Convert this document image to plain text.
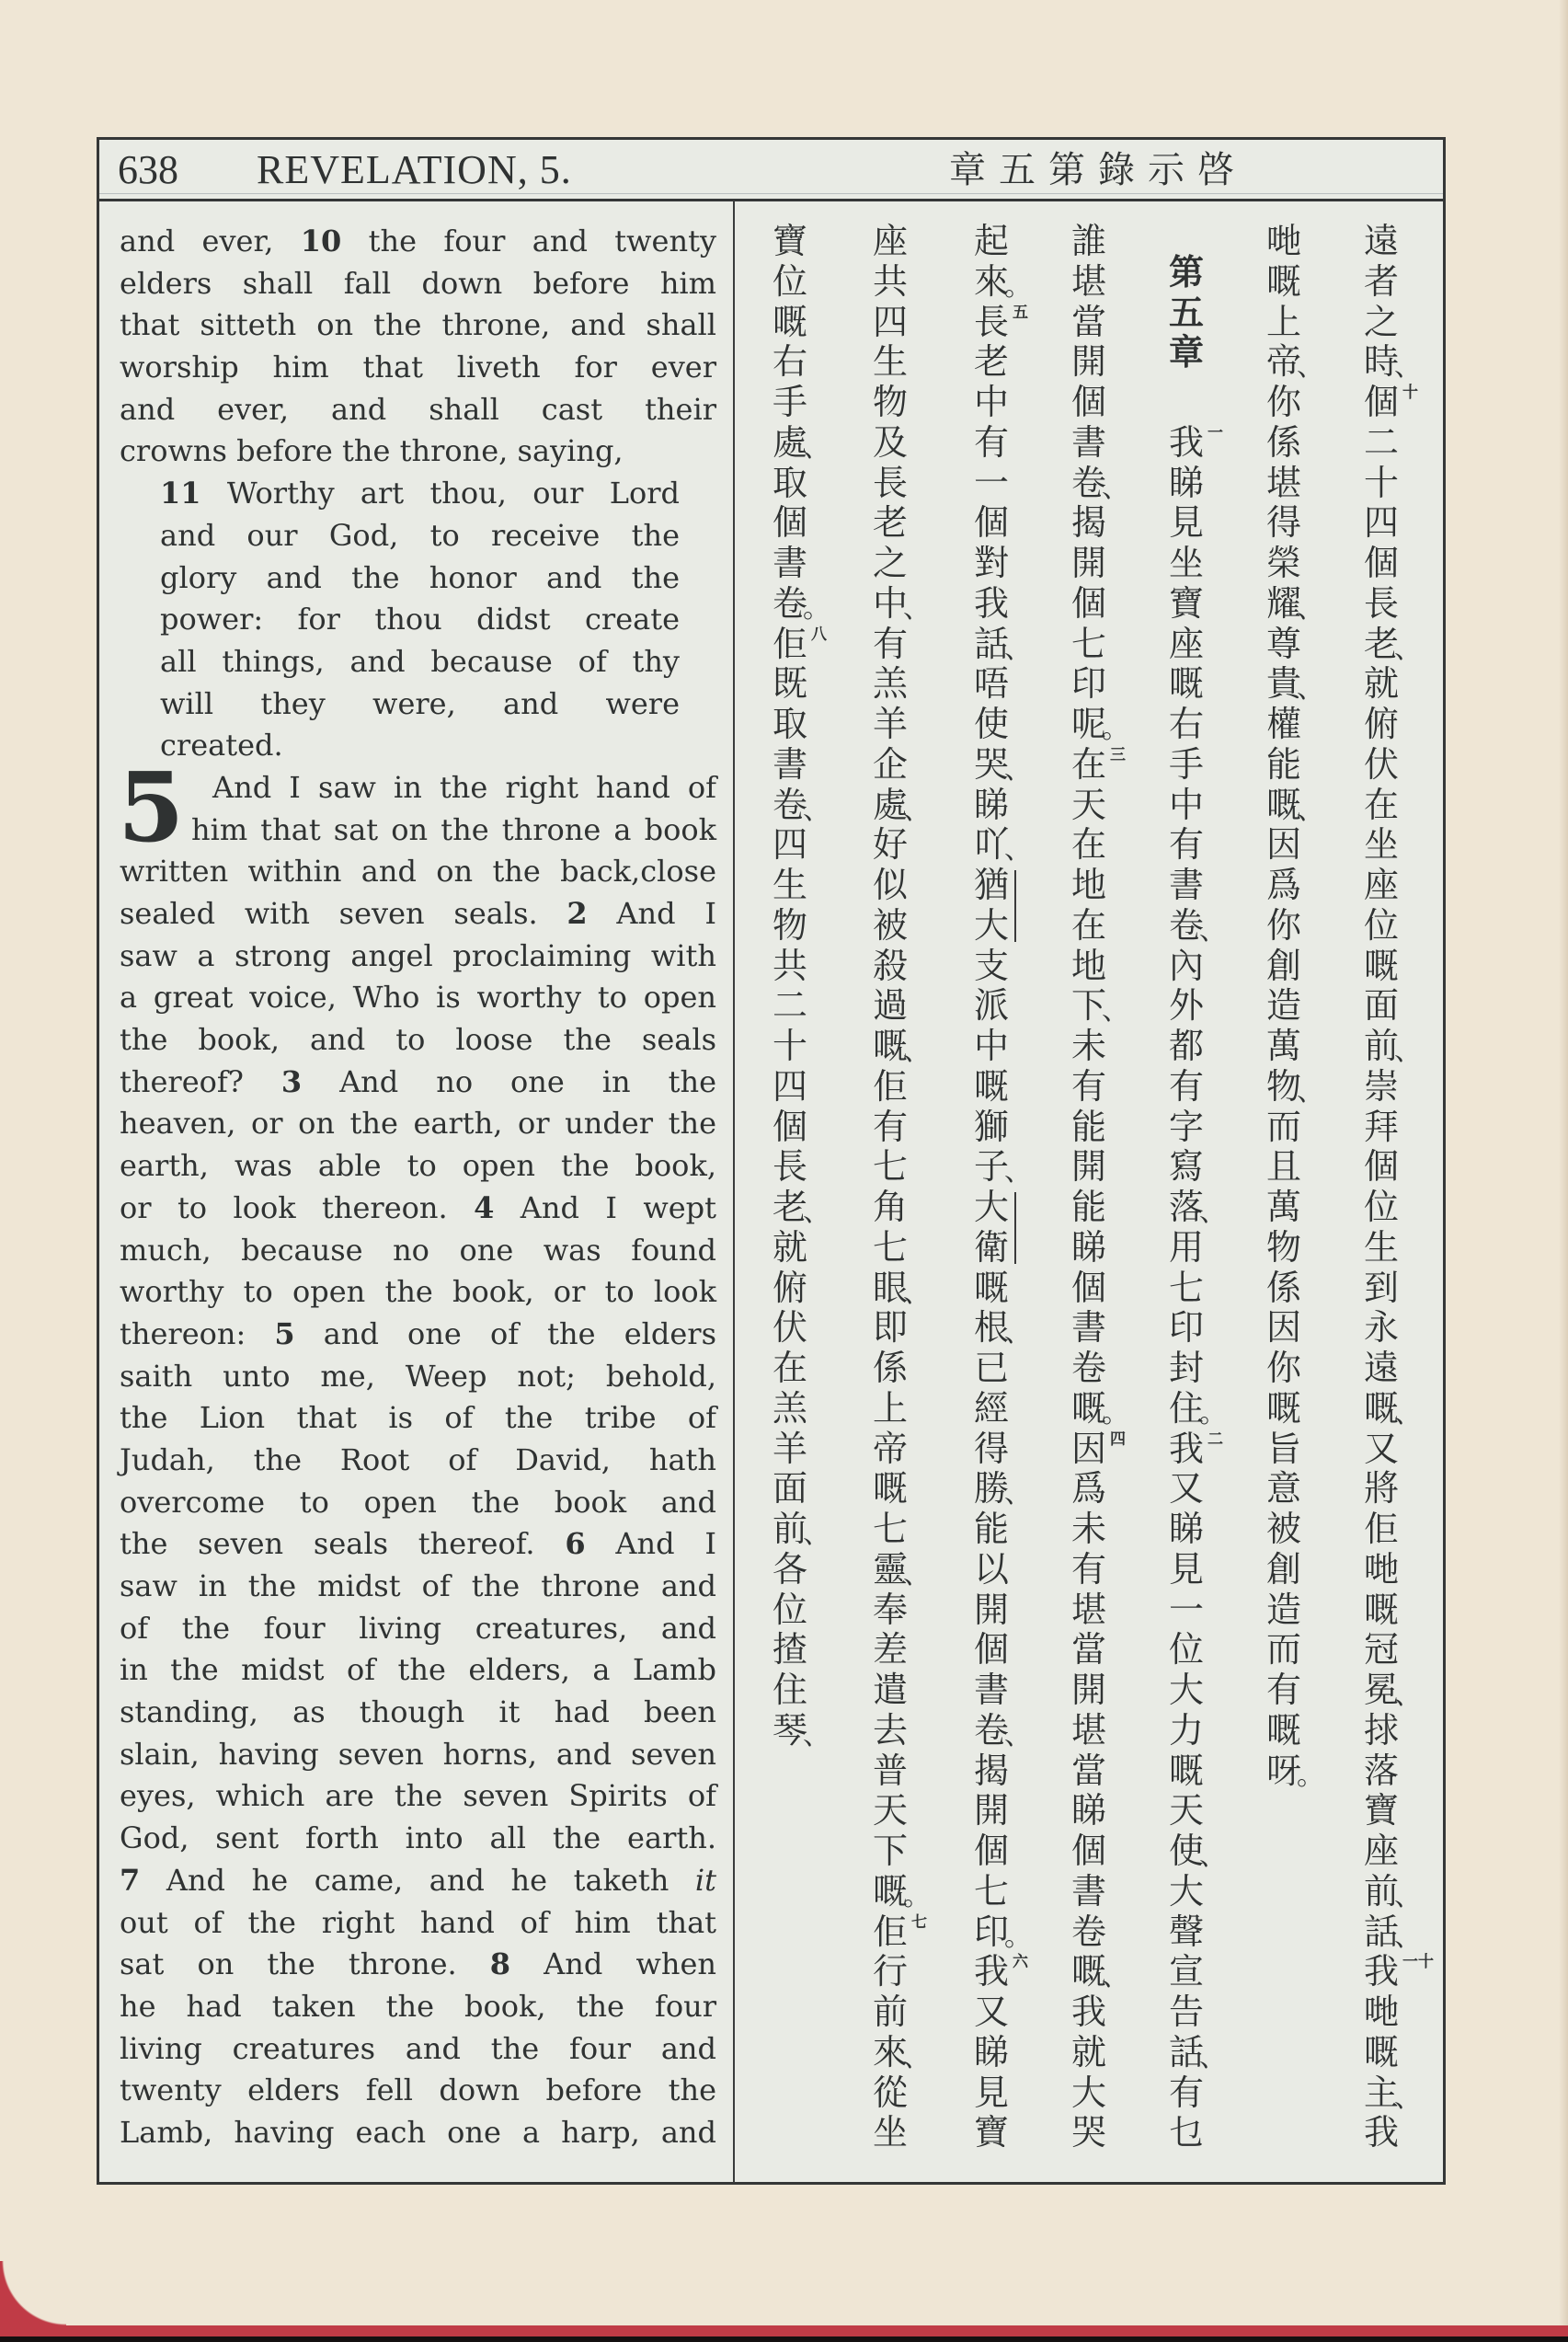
638 REVELATION, 5.	章五第錄示啓
and ever, 10 the four and twenty
elders shall fall down before him
that sitteth on the throne, and shall
worship him that liveth for ever
and ever, and shall cast their
crowns before the throne, saying,
11 Worthy art thou, our Lord
and our God, to receive the
glory and the honor and the
power: for thou didst create
all things, and because of thy
will they were, and were
created.
5 And I saw in the right hand of
him that sat on the throne a book
written within and on the back,close
sealed with seven seals. 2 And I
saw a strong angel proclaiming with
a great voice, Who is worthy to open
the book, and to loose the seals
thereof? 3 And no one in the
heaven, or on the earth, or under the
earth, was able to open the book,
or to look thereon. 4 And I wept
much, because no one was found
worthy to open the book, or to look
thereon: 5 and one of the elders
saith unto me, Weep not; behold,
the Lion that is of the tribe of
Judah, the Root of David, hath
overcome to open the book and
the seven seals thereof. 6 And I
saw in the midst of the throne and
of the four living creatures, and
in the midst of the elders, a Lamb
standing, as though it had been
slain, having seven horns, and seven
eyes, which are the seven Spirits of
God, sent forth into all the earth.
7 And he came, and he taketh it
out of the right hand of him that
sat on the throne. 8 And when
he had taken the book, the four
living creatures and the four and
twenty elders fell down before the
Lamb, having each one a harp, and
遠
者
之
時
、
十
個
二
十
四
個
長
老
、
就
俯
伏
在
坐
座
位
嘅
面
前
、
崇
拜
個
位
生
到
永
遠
嘅
、
又
將
佢
哋
嘅
冠
冕
、
捄
落
寶
座
前
、
話
、
十一
我
哋
嘅
主
、
我
哋
嘅
上
帝
、
你
係
堪
得
榮
耀
、
尊
貴
、
權
能
嘅
、
因
爲
你
創
造
萬
物
、
而
且
萬
物
係
因
你
嘅
旨
意
被
創
造
而
有
嘅
呀
。
第
五
章
一
我
睇
見
坐
寶
座
嘅
右
手
中
有
書
卷
、
內
外
都
有
字
寫
落
、
用
七
印
封
住
。
二
我
又
睇
見
一
位
大
力
嘅
天
使
、
大
聲
宣
告
話
、
有
乜
誰
堪
當
開
個
書
卷
、
揭
開
個
七
印
呢
。
三
在
天
在
地
在
地
下
、
未
有
能
開
能
睇
個
書
卷
嘅
。
四
因
爲
未
有
堪
當
開
堪
當
睇
個
書
卷
嘅
、
我
就
大
哭
起
來
。
五
長
老
中
有
一
個
對
我
話
、
唔
使
哭
、
睇
吖
、
猶
大
支
派
中
嘅
獅
子
、
大
衛
嘅
根
、
已
經
得
勝
、
能
以
開
個
書
卷
、
揭
開
個
七
印
。
六
我
又
睇
見
寶
座
共
四
生
物
及
長
老
之
中
、
有
羔
羊
企
處
、
好
似
被
殺
過
嘅
、
佢
有
七
角
七
眼
、
即
係
上
帝
嘅
七
靈
、
奉
差
遣
去
普
天
下
嘅
。
七
佢
行
前
來
、
從
坐
寶
位
嘅
右
手
處
、
取
個
書
卷
。
八
佢
既
取
書
卷
、
四
生
物
共
二
十
四
個
長
老
、
就
俯
伏
在
羔
羊
面
前
、
各
位
揸
住
琴
、
